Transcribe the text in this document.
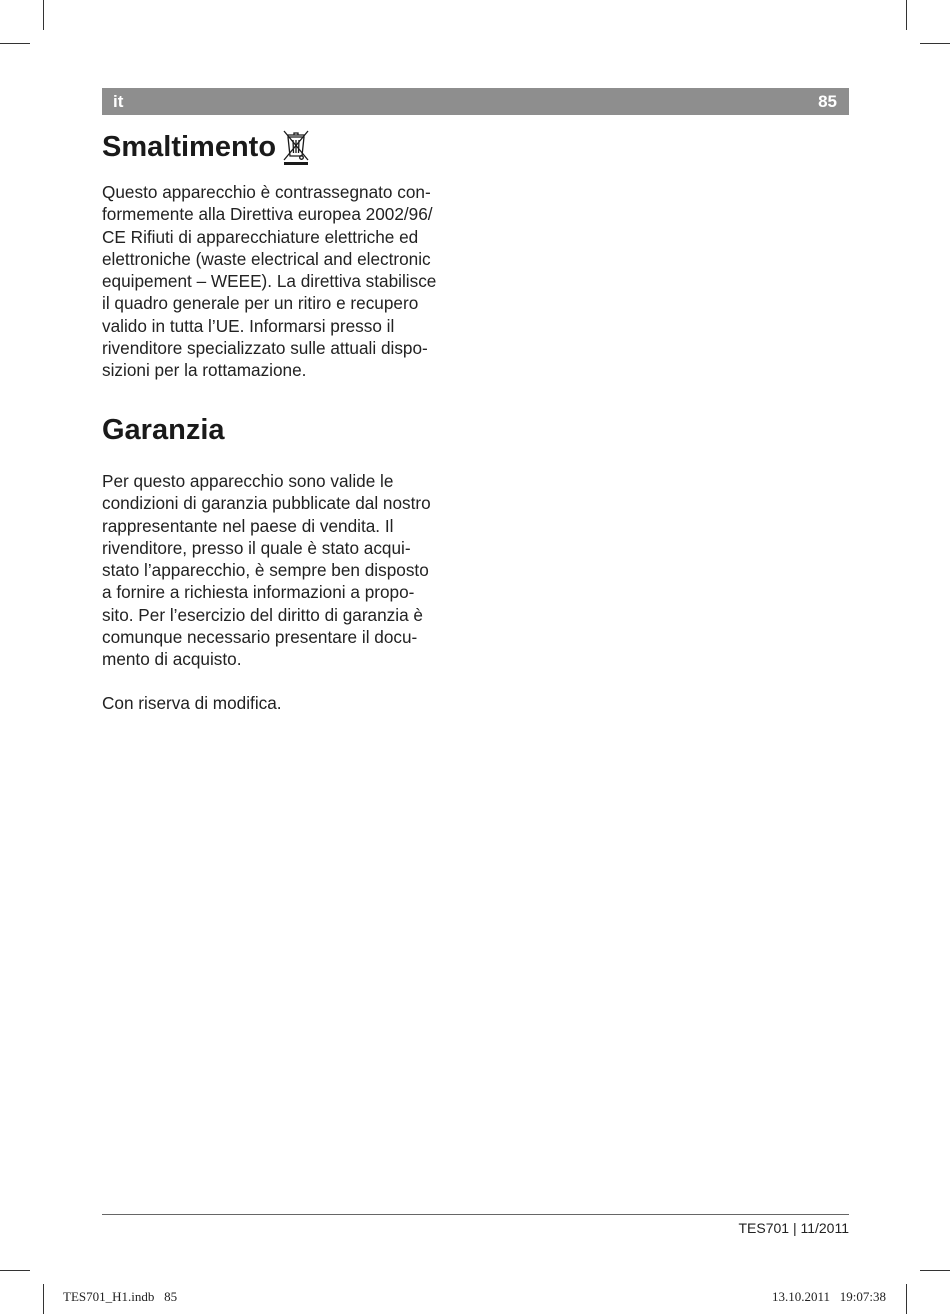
it	85
Smaltimento
Questo apparecchio è contrassegnato con-
formemente alla Direttiva europea 2002/96/
CE Rifiuti di apparecchiature elettriche ed
elettroniche (waste electrical and electronic
equipement – WEEE). La direttiva stabilisce
il quadro generale per un ritiro e recupero
valido in tutta l’UE. Informarsi presso il
rivenditore specializzato sulle attuali dispo-
sizioni per la rottamazione.
Garanzia
Per questo apparecchio sono valide le
condizioni di garanzia pubblicate dal nostro
rappresentante nel paese di vendita. Il
rivenditore, presso il quale è stato acqui-
stato l’apparecchio, è sempre ben disposto
a fornire a richiesta informazioni a propo-
sito. Per l’esercizio del diritto di garanzia è
comunque necessario presentare il docu-
mento di acquisto.
Con riserva di modifica.
TES701 | 11/2011
TES701_H1.indb   85	13.10.2011   19:07:38
